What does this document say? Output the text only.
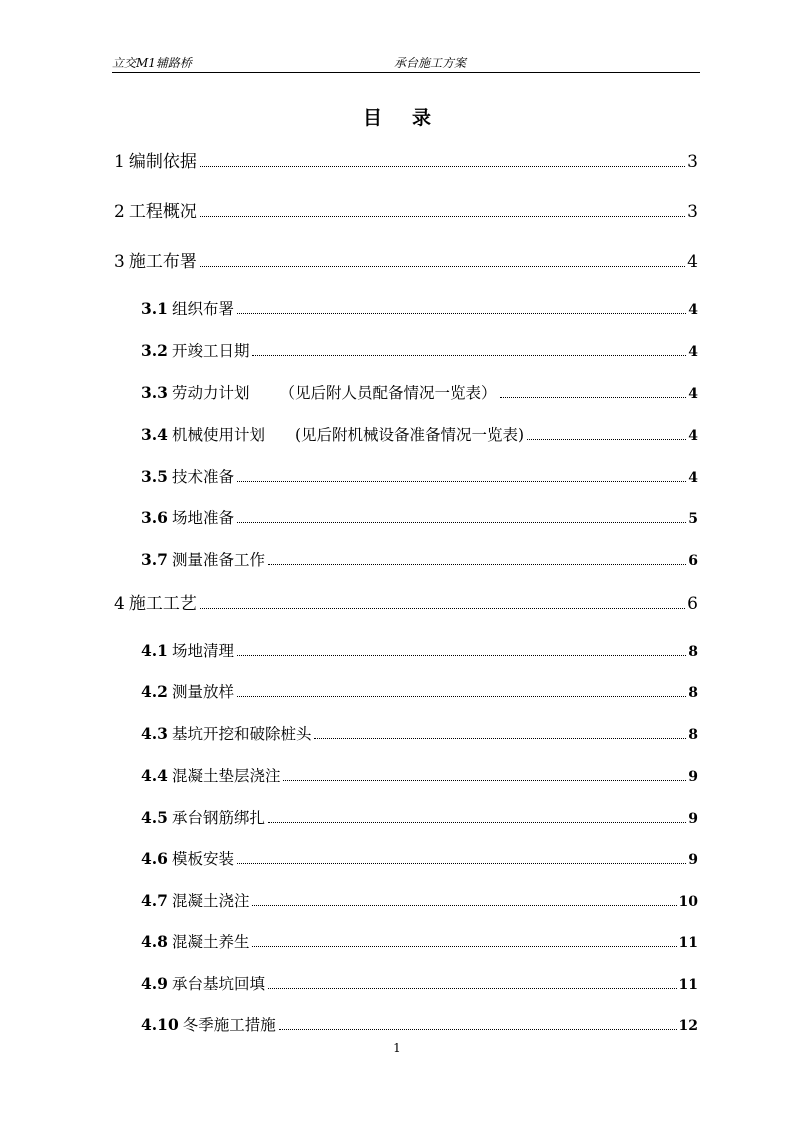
立交M1辅路桥	承台施工方案
目录
1 编制依据	3
2 工程概况	3
3 施工布署	4
3.1 组织布署	4
3.2 开竣工日期	4
3.3 劳动力计划 （见后附人员配备情况一览表）	4
3.4 机械使用计划 (见后附机械设备准备情况一览表)	4
3.5 技术准备	4
3.6 场地准备	5
3.7 测量准备工作	6
4 施工工艺	6
4.1 场地清理	8
4.2 测量放样	8
4.3 基坑开挖和破除桩头	8
4.4 混凝土垫层浇注	9
4.5 承台钢筋绑扎	9
4.6 模板安装	9
4.7 混凝土浇注	10
4.8 混凝土养生	11
4.9 承台基坑回填	11
4.10 冬季施工措施	12
1
